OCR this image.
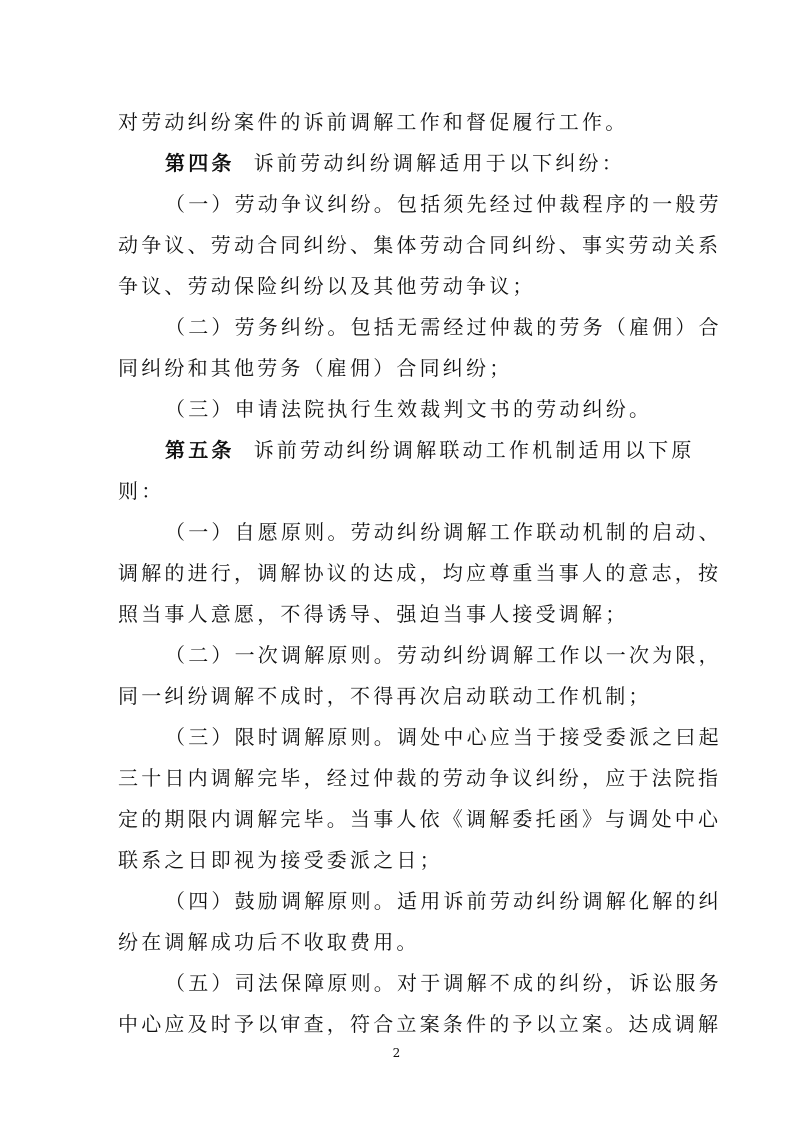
对劳动纠纷案件的诉前调解工作和督促履行工作。
第四条 诉前劳动纠纷调解适用于以下纠纷：
（一）劳动争议纠纷。包括须先经过仲裁程序的一般劳
动争议、劳动合同纠纷、集体劳动合同纠纷、事实劳动关系
争议、劳动保险纠纷以及其他劳动争议；
（二）劳务纠纷。包括无需经过仲裁的劳务（雇佣）合
同纠纷和其他劳务（雇佣）合同纠纷；
（三）申请法院执行生效裁判文书的劳动纠纷。
第五条 诉前劳动纠纷调解联动工作机制适用以下原
则：
（一）自愿原则。劳动纠纷调解工作联动机制的启动、
调解的进行，调解协议的达成，均应尊重当事人的意志，按
照当事人意愿，不得诱导、强迫当事人接受调解；
（二）一次调解原则。劳动纠纷调解工作以一次为限，
同一纠纷调解不成时，不得再次启动联动工作机制；
（三）限时调解原则。调处中心应当于接受委派之曰起
三十日内调解完毕，经过仲裁的劳动争议纠纷，应于法院指
定的期限内调解完毕。当事人依《调解委托函》与调处中心
联系之日即视为接受委派之日；
（四）鼓励调解原则。适用诉前劳动纠纷调解化解的纠
纷在调解成功后不收取费用。
（五）司法保障原则。对于调解不成的纠纷，诉讼服务
中心应及时予以审查，符合立案条件的予以立案。达成调解
2
